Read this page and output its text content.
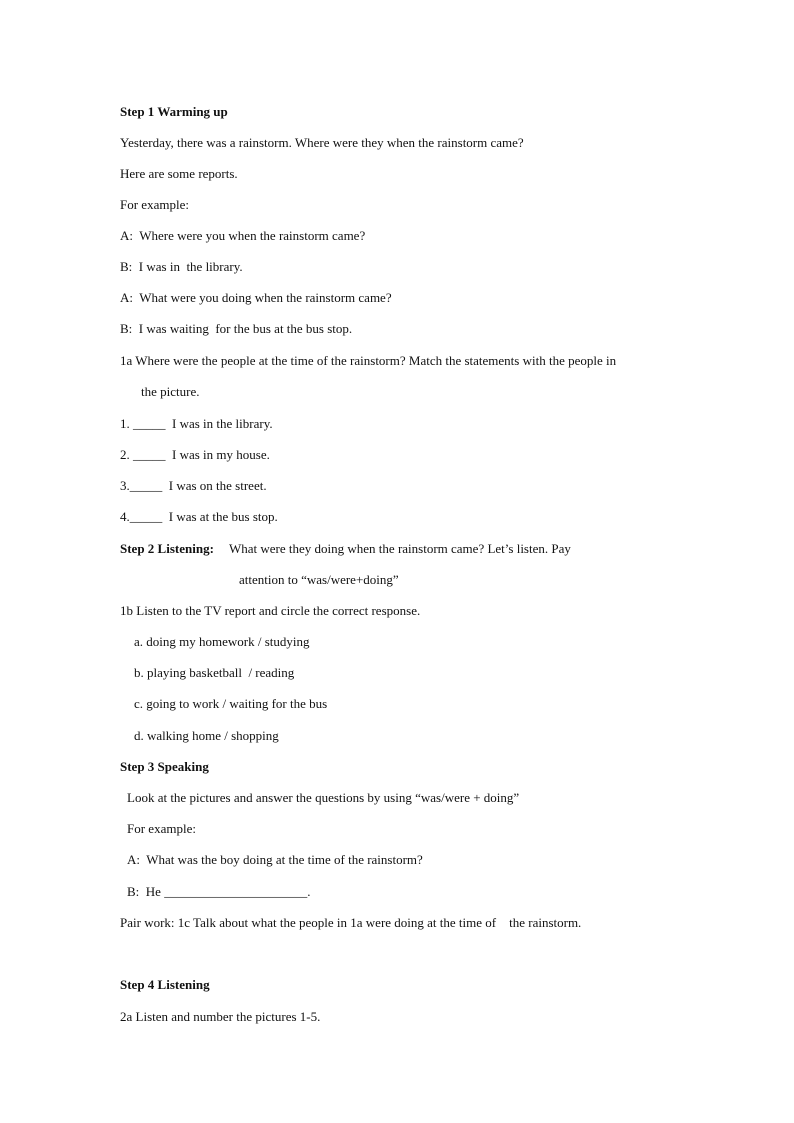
Step 1 Warming up
Yesterday, there was a rainstorm. Where were they when the rainstorm came?
Here are some reports.
For example:
A:  Where were you when the rainstorm came?
B:  I was in  the library.
A:  What were you doing when the rainstorm came?
B:  I was waiting  for the bus at the bus stop.
1a Where were the people at the time of the rainstorm? Match the statements with the people in
the picture.
1. _____  I was in the library.
2. _____  I was in my house.
3._____  I was on the street.
4._____  I was at the bus stop.
Step 2 Listening: What were they doing when the rainstorm came? Let’s listen. Pay
attention to “was/were+doing”
1b Listen to the TV report and circle the correct response.
a. doing my homework / studying
b. playing basketball  / reading
c. going to work / waiting for the bus
d. walking home / shopping
Step 3 Speaking
Look at the pictures and answer the questions by using “was/were + doing”
For example:
A:  What was the boy doing at the time of the rainstorm?
B:  He ______________________.
Pair work: 1c Talk about what the people in 1a were doing at the time of    the rainstorm.
Step 4 Listening
2a Listen and number the pictures 1-5.
